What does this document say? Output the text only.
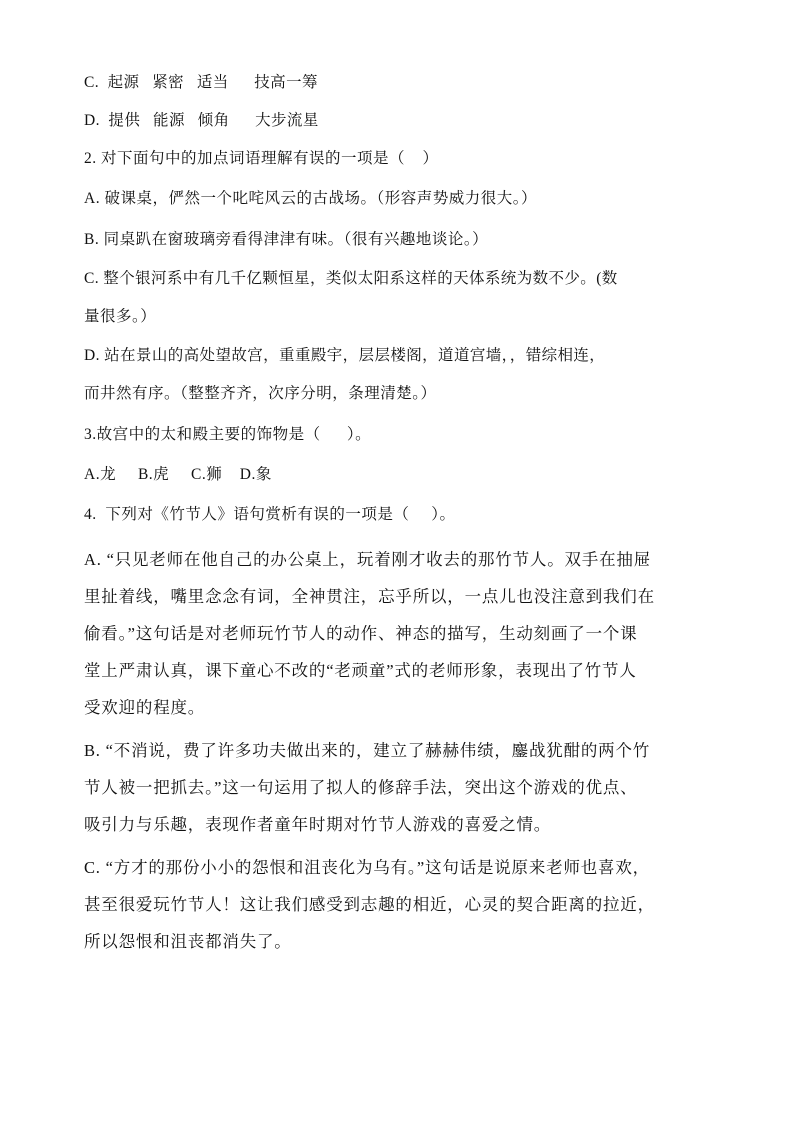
C.  起源   紧密   适当      技高一筹

D.  提供   能源   倾角      大步流星

2. 对下面句中的加点词语理解有误的一项是（    ）

A. 破课桌，俨然一个叱咤风云的古战场。（形容声势威力很大。）

B. 同桌趴在窗玻璃旁看得津津有味。（很有兴趣地谈论。）

C. 整个银河系中有几千亿颗恒星，类似太阳系这样的天体系统为数不少。(数

量很多。）

D. 站在景山的高处望故宫，重重殿宇，层层楼阁，道道宫墙，，错综相连，

而井然有序。（整整齐齐，次序分明，条理清楚。）

3.故宫中的太和殿主要的饰物是（      ）。

A.龙     B.虎     C.狮    D.象

4.  下列对《竹节人》语句赏析有误的一项是（     ）。

A. “只见老师在他自己的办公桌上，玩着刚才收去的那竹节人。双手在抽屉

里扯着线，嘴里念念有词，全神贯注，忘乎所以，一点儿也没注意到我们在

偷看。”这句话是对老师玩竹节人的动作、神态的描写，生动刻画了一个课

堂上严肃认真，课下童心不改的“老顽童”式的老师形象，表现出了竹节人

受欢迎的程度。

B. “不消说，费了许多功夫做出来的，建立了赫赫伟绩，鏖战犹酣的两个竹

节人被一把抓去。”这一句运用了拟人的修辞手法，突出这个游戏的优点、

吸引力与乐趣，表现作者童年时期对竹节人游戏的喜爱之情。

C. “方才的那份小小的怨恨和沮丧化为乌有。”这句话是说原来老师也喜欢，

甚至很爱玩竹节人！这让我们感受到志趣的相近，心灵的契合距离的拉近，

所以怨恨和沮丧都消失了。
